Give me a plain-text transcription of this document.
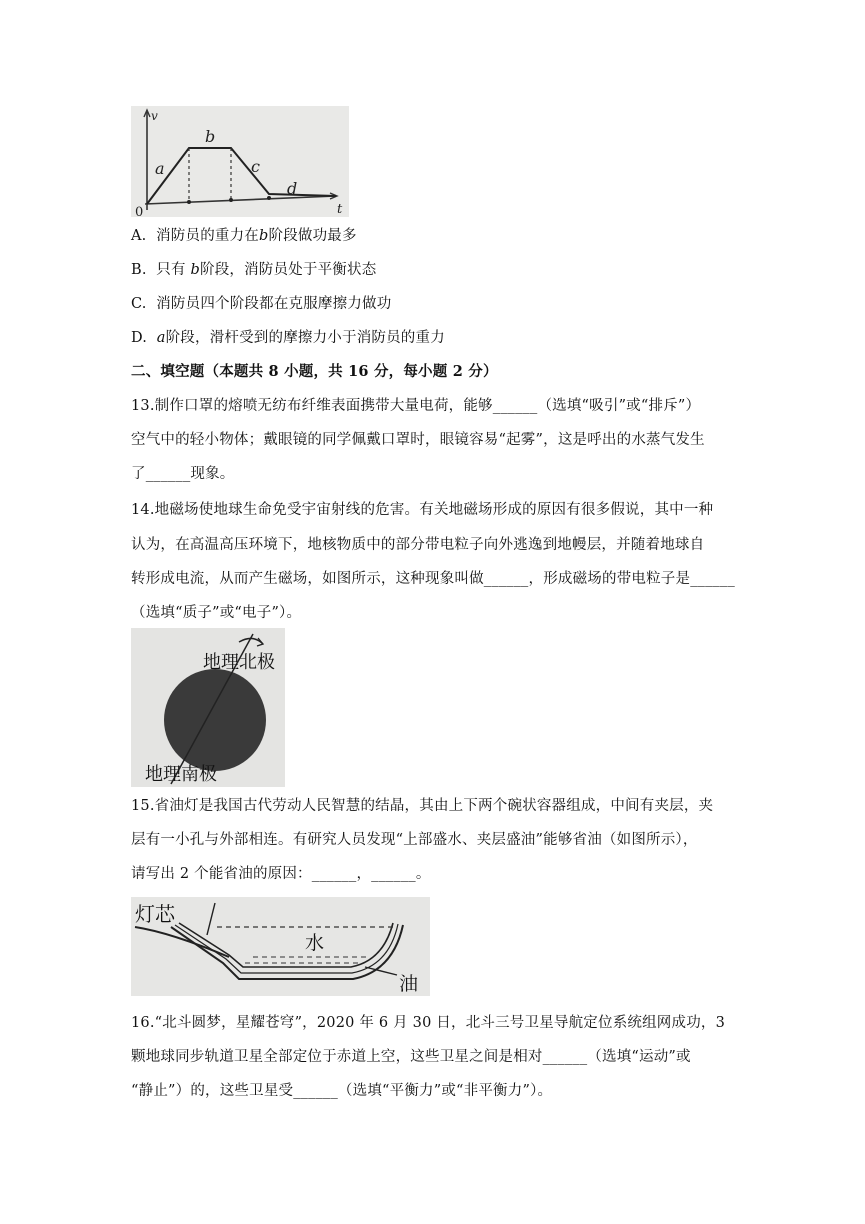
v
t
0
a
b
c
d
A. 消防员的重力在b阶段做功最多
B. 只有 b阶段，消防员处于平衡状态
C. 消防员四个阶段都在克服摩擦力做功
D. a阶段，滑杆受到的摩擦力小于消防员的重力
二、填空题（本题共 8 小题，共 16 分，每小题 2 分）
13.制作口罩的熔喷无纺布纤维表面携带大量电荷，能够______（选填“吸引”或“排斥”）
空气中的轻小物体；戴眼镜的同学佩戴口罩时，眼镜容易“起雾”，这是呼出的水蒸气发生
了______现象。
14.地磁场使地球生命免受宇宙射线的危害。有关地磁场形成的原因有很多假说，其中一种
认为，在高温高压环境下，地核物质中的部分带电粒子向外逃逸到地幔层，并随着地球自
转形成电流，从而产生磁场，如图所示，这种现象叫做______，形成磁场的带电粒子是______
（选填“质子”或“电子”）。
地理北极
地理南极
15.省油灯是我国古代劳动人民智慧的结晶，其由上下两个碗状容器组成，中间有夹层，夹
层有一小孔与外部相连。有研究人员发现“上部盛水、夹层盛油”能够省油（如图所示），
请写出 2 个能省油的原因：______，______。
灯芯
水
油
16.“北斗圆梦，星耀苍穹”，2020 年 6 月 30 日，北斗三号卫星导航定位系统组网成功，3
颗地球同步轨道卫星全部定位于赤道上空，这些卫星之间是相对______（选填“运动”或
“静止”）的，这些卫星受______（选填“平衡力”或“非平衡力”）。
